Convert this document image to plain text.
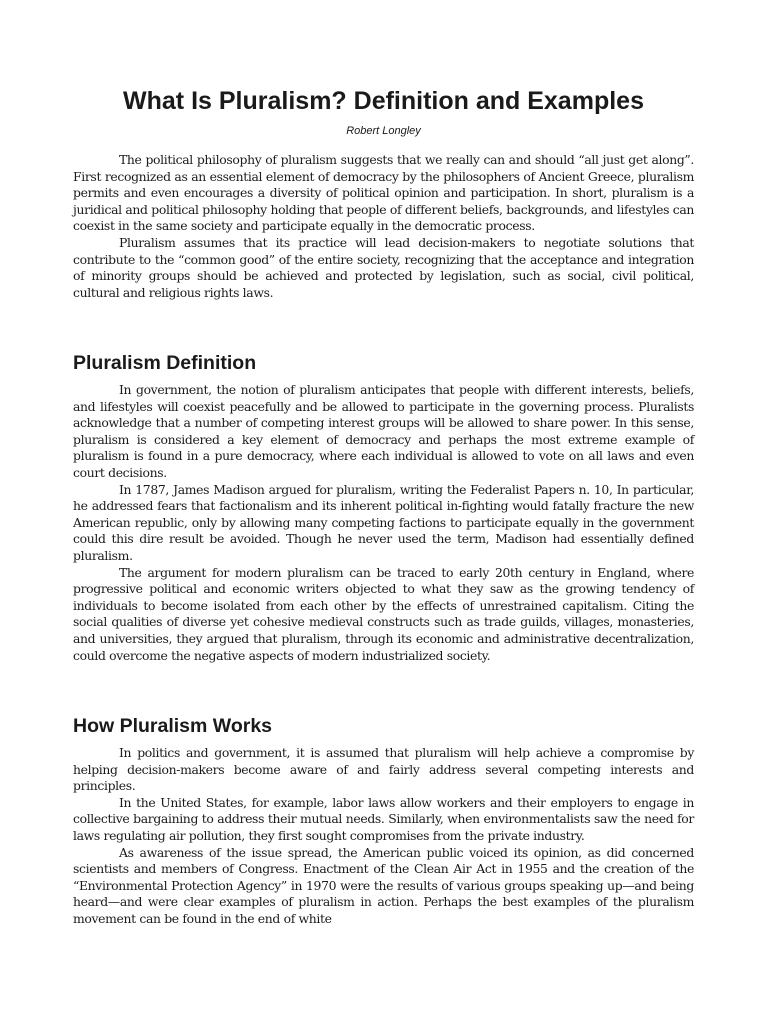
What Is Pluralism? Definition and Examples
Robert Longley

The political philosophy of pluralism suggests that we really can and should “all just get along”. First recognized as an essential element of democracy by the philosophers of Ancient Greece, pluralism permits and even encourages a diversity of political opinion and participation. In short, pluralism is a juridical and political philosophy holding that people of different beliefs, backgrounds, and lifestyles can coexist in the same society and participate equally in the democratic process.

Pluralism assumes that its practice will lead decision-makers to negotiate solutions that contribute to the “common good” of the entire society, recognizing that the acceptance and integration of minority groups should be achieved and protected by legislation, such as social, civil political, cultural and religious rights laws.

Pluralism Definition

In government, the notion of pluralism anticipates that people with different interests, beliefs, and lifestyles will coexist peacefully and be allowed to participate in the governing process. Pluralists acknowledge that a number of competing interest groups will be allowed to share power. In this sense, pluralism is considered a key element of democracy and perhaps the most extreme example of pluralism is found in a pure democracy, where each individual is allowed to vote on all laws and even court decisions.

In 1787, James Madison argued for pluralism, writing the Federalist Papers n. 10, In particular, he addressed fears that factionalism and its inherent political in-fighting would fatally fracture the new American republic, only by allowing many competing factions to participate equally in the government could this dire result be avoided. Though he never used the term, Madison had essentially defined pluralism.

The argument for modern pluralism can be traced to early 20th century in England, where progressive political and economic writers objected to what they saw as the growing tendency of individuals to become isolated from each other by the effects of unrestrained capitalism. Citing the social qualities of diverse yet cohesive medieval constructs such as trade guilds, villages, monasteries, and universities, they argued that pluralism, through its economic and administrative decentralization, could overcome the negative aspects of modern industrialized society.

How Pluralism Works

In politics and government, it is assumed that pluralism will help achieve a compromise by helping decision-makers become aware of and fairly address several competing interests and principles.

In the United States, for example, labor laws allow workers and their employers to engage in collective bargaining to address their mutual needs. Similarly, when environmentalists saw the need for laws regulating air pollution, they first sought compromises from the private industry.

As awareness of the issue spread, the American public voiced its opinion, as did concerned scientists and members of Congress. Enactment of the Clean Air Act in 1955 and the creation of the “Environmental Protection Agency” in 1970 were the results of various groups speaking up—and being heard—and were clear examples of pluralism in action. Perhaps the best examples of the pluralism movement can be found in the end of white
